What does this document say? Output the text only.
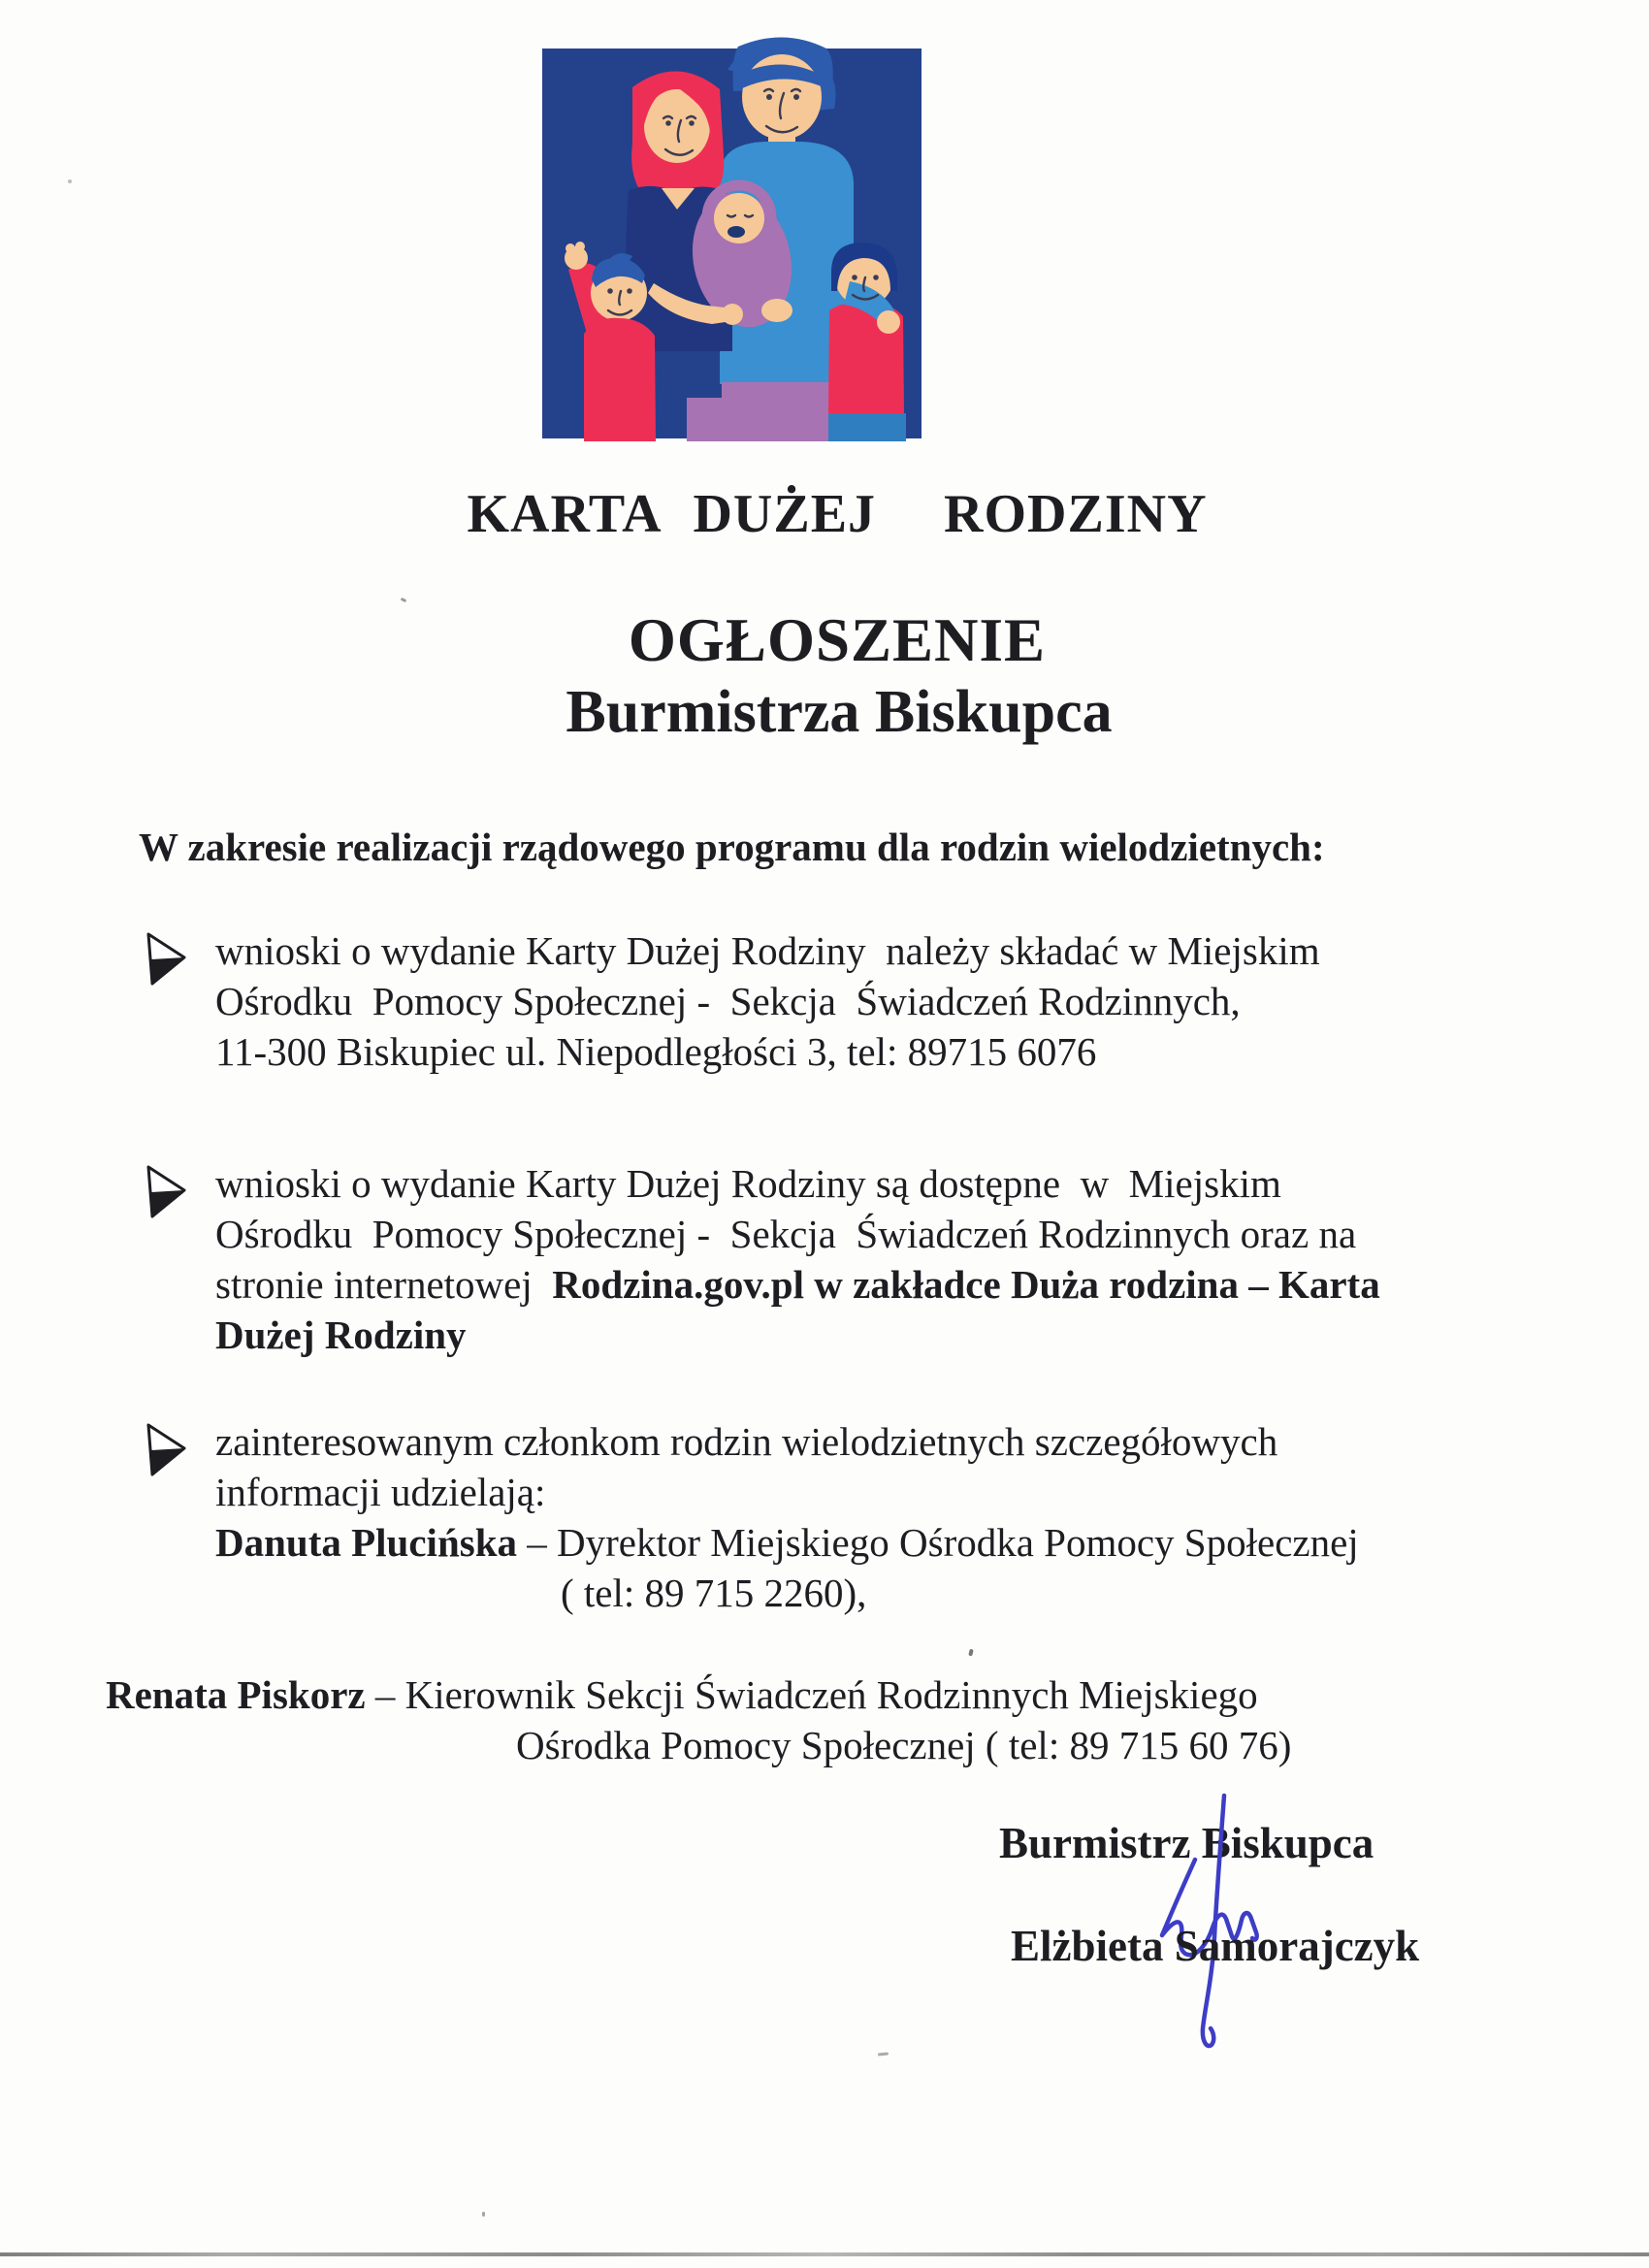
KARTA DUŻEJ  RODZINY
OGŁOSZENIE
Burmistrza Biskupca
W zakresie realizacji rządowego programu dla rodzin wielodzietnych:
wnioski o wydanie Karty Dużej Rodziny  należy składać w Miejskim
Ośrodku  Pomocy Społecznej -  Sekcja  Świadczeń Rodzinnych,
11-300 Biskupiec ul. Niepodległości 3, tel: 89715 6076
wnioski o wydanie Karty Dużej Rodziny są dostępne  w  Miejskim
Ośrodku  Pomocy Społecznej -  Sekcja  Świadczeń Rodzinnych oraz na
stronie internetowej  Rodzina.gov.pl w zakładce Duża rodzina – Karta
Dużej Rodziny
zainteresowanym członkom rodzin wielodzietnych szczegółowych
informacji udzielają:
Danuta Plucińska – Dyrektor Miejskiego Ośrodka Pomocy Społecznej
( tel: 89 715 2260),
Renata Piskorz – Kierownik Sekcji Świadczeń Rodzinnych Miejskiego
Ośrodka Pomocy Społecznej ( tel: 89 715 60 76)
Burmistrz Biskupca
Elżbieta Samorajczyk
